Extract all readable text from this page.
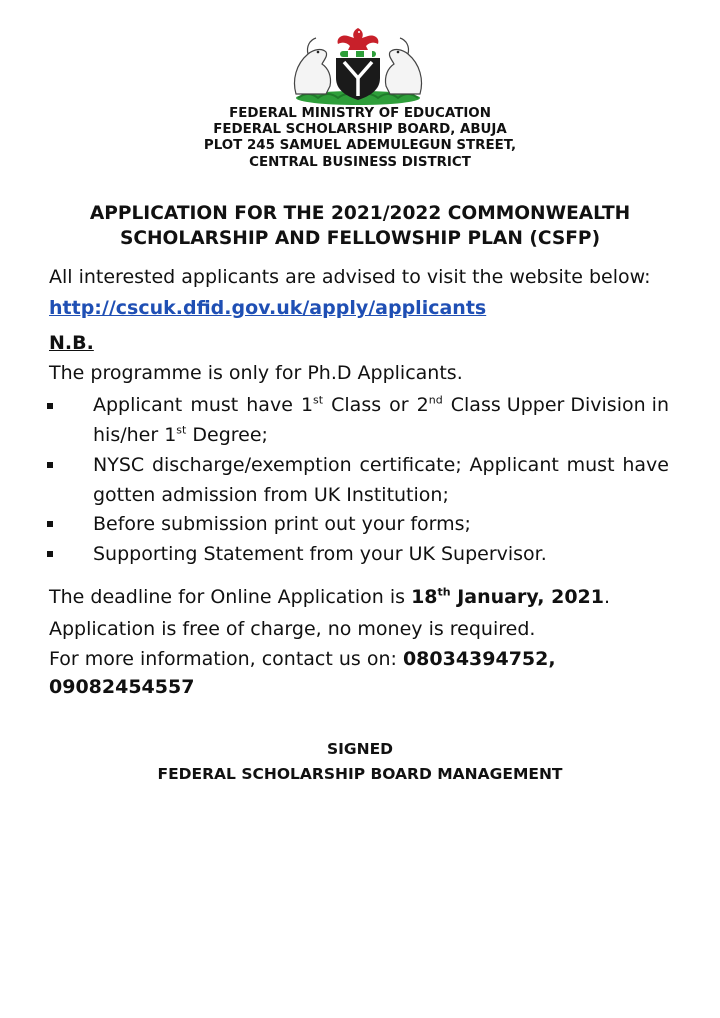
FEDERAL MINISTRY OF EDUCATION
FEDERAL SCHOLARSHIP BOARD, ABUJA
PLOT 245 SAMUEL ADEMULEGUN STREET,
CENTRAL BUSINESS DISTRICT
APPLICATION FOR THE 2021/2022 COMMONWEALTH
SCHOLARSHIP AND FELLOWSHIP PLAN (CSFP)
All interested applicants are advised to visit the website below:
http://cscuk.dfid.gov.uk/apply/applicants
N.B.
The programme is only for Ph.D Applicants.
Applicant must have 1st Class or 2nd Class Upper Division in
his/her 1st Degree;
NYSC discharge/exemption certificate; Applicant must have
gotten admission from UK Institution;
Before submission print out your forms;
Supporting Statement from your UK Supervisor.
The deadline for Online Application is 18th January, 2021.
Application is free of charge, no money is required.
For more information, contact us on: 08034394752,
09082454557
SIGNED
FEDERAL SCHOLARSHIP BOARD MANAGEMENT
